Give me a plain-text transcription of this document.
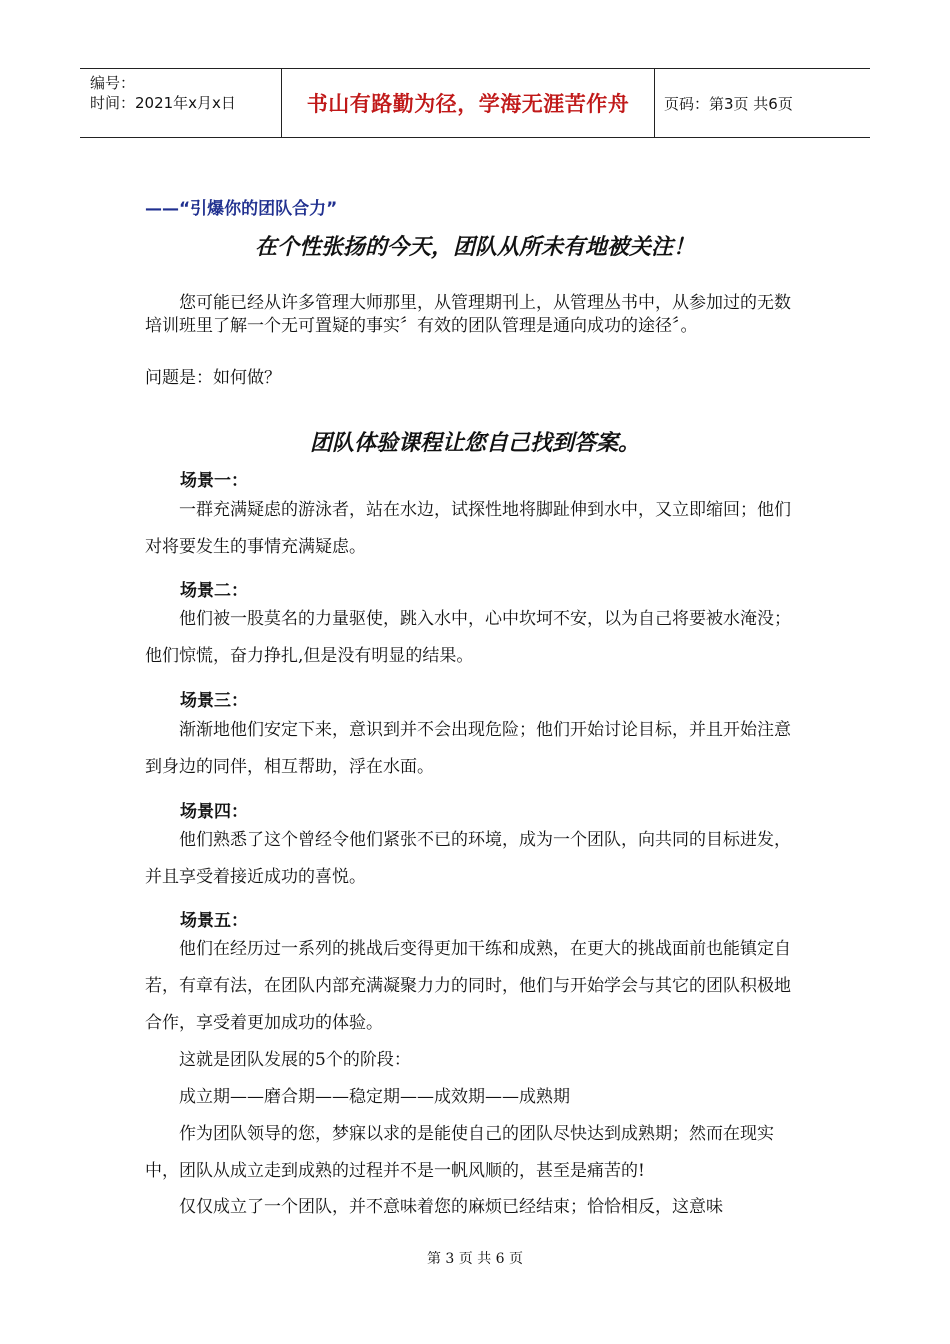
编号：
时间：2021年x月x日	书山有路勤为径，学海无涯苦作舟	页码：第3页 共6页
——“引爆你的团队合力”
在个性张扬的今天，团队从所未有地被关注！
您可能已经从许多管理大师那里，从管理期刊上，从管理丛书中，从参加过的无数培训班里了解一个无可置疑的事实〞有效的团队管理是通向成功的途径〞。
问题是：如何做？
团队体验课程让您自己找到答案。
场景一：
一群充满疑虑的游泳者，站在水边，试探性地将脚趾伸到水中，又立即缩回；他们对将要发生的事情充满疑虑。
场景二：
他们被一股莫名的力量驱使，跳入水中，心中坎坷不安，以为自己将要被水淹没；他们惊慌，奋力挣扎,但是没有明显的结果。
场景三：
渐渐地他们安定下来，意识到并不会出现危险；他们开始讨论目标，并且开始注意到身边的同伴，相互帮助，浮在水面。
场景四：
他们熟悉了这个曾经令他们紧张不已的环境，成为一个团队，向共同的目标进发，并且享受着接近成功的喜悦。
场景五：
他们在经历过一系列的挑战后变得更加干练和成熟，在更大的挑战面前也能镇定自若，有章有法，在团队内部充满凝聚力力的同时，他们与开始学会与其它的团队积极地合作，享受着更加成功的体验。
这就是团队发展的5个的阶段：
成立期——磨合期——稳定期——成效期——成熟期
作为团队领导的您，梦寐以求的是能使自己的团队尽快达到成熟期；然而在现实中，团队从成立走到成熟的过程并不是一帆风顺的，甚至是痛苦的!
仅仅成立了一个团队，并不意味着您的麻烦已经结束；恰恰相反，这意味
第 3 页 共 6 页
